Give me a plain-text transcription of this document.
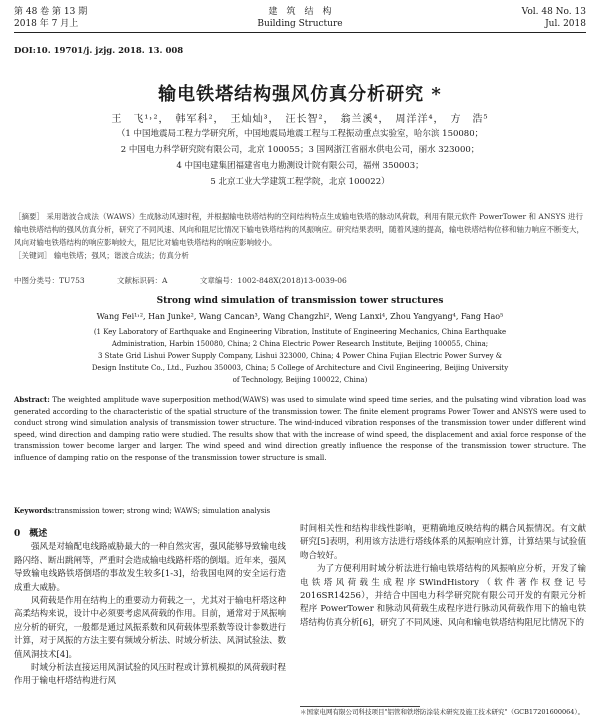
第 48 卷 第 13 期
2018 年 7 月上
建　筑　结　构
Building Structure
Vol. 48 No. 13
Jul. 2018
DOI:10. 19701/j. jzjg. 2018. 13. 008
输电铁塔结构强风仿真分析研究 *
王　飞¹˒²，　韩军科²，　王灿灿³，　汪长智²，　翁兰溪⁴，　周洋洋⁴，　方　浩⁵
（1 中国地震局工程力学研究所，中国地震局地震工程与工程振动重点实验室，哈尔滨 150080；
2 中国电力科学研究院有限公司，北京 100055；3 国网浙江省丽水供电公司，丽水 323000；
4 中国电建集团福建省电力勘测设计院有限公司，福州 350003；
5 北京工业大学建筑工程学院，北京 100022）

［摘要］ 采用谐波合成法（WAWS）生成脉动风速时程，并根据输电铁塔结构的空间结构特点生成输电铁塔的脉动风荷载，利用有限元软件 PowerTower 和 ANSYS 进行输电铁塔结构的强风仿真分析，研究了不同风速、风向和阻尼比情况下输电铁塔结构的风振响应。研究结果表明，随着风速的提高，输电铁塔结构位移和轴力响应不断变大，风向对输电铁塔结构的响应影响较大，阻尼比对输电铁塔结构的响应影响较小。

［关键词］ 输电铁塔；强风；谐波合成法；仿真分析

中图分类号：TU753	文献标识码：A	文章编号：1002-848X(2018)13-0039-06
Strong wind simulation of transmission tower structures
Wang Fei¹˒², Han Junke², Wang Cancan³, Wang Changzhi², Weng Lanxi⁴, Zhou Yangyang⁴, Fang Hao⁵
(1 Key Laboratory of Earthquake and Engineering Vibration, Institute of Engineering Mechanics, China Earthquake
Administration, Harbin 150080, China; 2 China Electric Power Research Institute, Beijing 100055, China;
3 State Grid Lishui Power Supply Company, Lishui 323000, China; 4 Power China Fujian Electric Power Survey &
Design Institute Co., Ltd., Fuzhou 350003, China; 5 College of Architecture and Civil Engineering, Beijing University
of Technology, Beijing 100022, China)

Abstract: The weighted amplitude wave superposition method(WAWS) was used to simulate wind speed time series, and the pulsating wind vibration load was generated according to the characteristic of the spatial structure of the transmission tower. The finite element programs Power Tower and ANSYS were used to conduct strong wind simulation analysis of transmission tower structure. The wind-induced vibration responses of the transmission tower under different wind speed, wind direction and damping ratio were studied. The results show that with the increase of wind speed, the displacement and axial force response of the transmission tower become larger and larger. The wind speed and wind direction greatly influence the response of the transmission tower structure. The influence of damping ratio on the response of the transmission tower structure is small.

Keywords:transmission tower; strong wind; WAWS; simulation analysis

0　概述

强风是对输配电线路威胁最大的一种自然灾害，强风能够导致输电线路闪络、断出跳闸等，严重时会造成输电线路杆塔的倒塌。近年来，强风导致输电线路铁塔倒塔的事故发生较多[1-3]，给我国电网的安全运行造成重大威胁。

风荷载是作用在结构上的重要动力荷载之一，尤其对于输电杆塔这种高柔结构来说，设计中必须要考虑风荷载的作用。目前，通常对于风振响应分析的研究，一般都是通过风振系数和风荷载体型系数等设计参数进行计算，对于风振的方法主要有频域分析法、时域分析法、风洞试验法、数值风洞技术[4]。

时域分析法直接运用风洞试验的风压时程或计算机模拟的风荷载时程作用于输电杆塔结构进行风

时间相关性和结构非线性影响，更精确地反映结构的耦合风振情况。有文献研究[5]表明，利用该方法进行塔线体系的风振响应计算，计算结果与试验值吻合较好。

为了方便利用时域分析法进行输电铁塔结构的风振响应分析，开发了输电铁塔风荷载生成程序SWindHistory（软件著作权登记号 2016SR14256），并结合中国电力科学研究院有限公司开发的有限元分析程序 PowerTower 和脉动风荷载生成程序进行脉动风荷载作用下的输电铁塔结构仿真分析[6]，研究了不同风速、风向和输电铁塔结构阻尼比情况下的

＊国家电网有限公司科技项目"铝管和铁塔防涂装术研究及施工技术研究"（GCB17201600064）。
